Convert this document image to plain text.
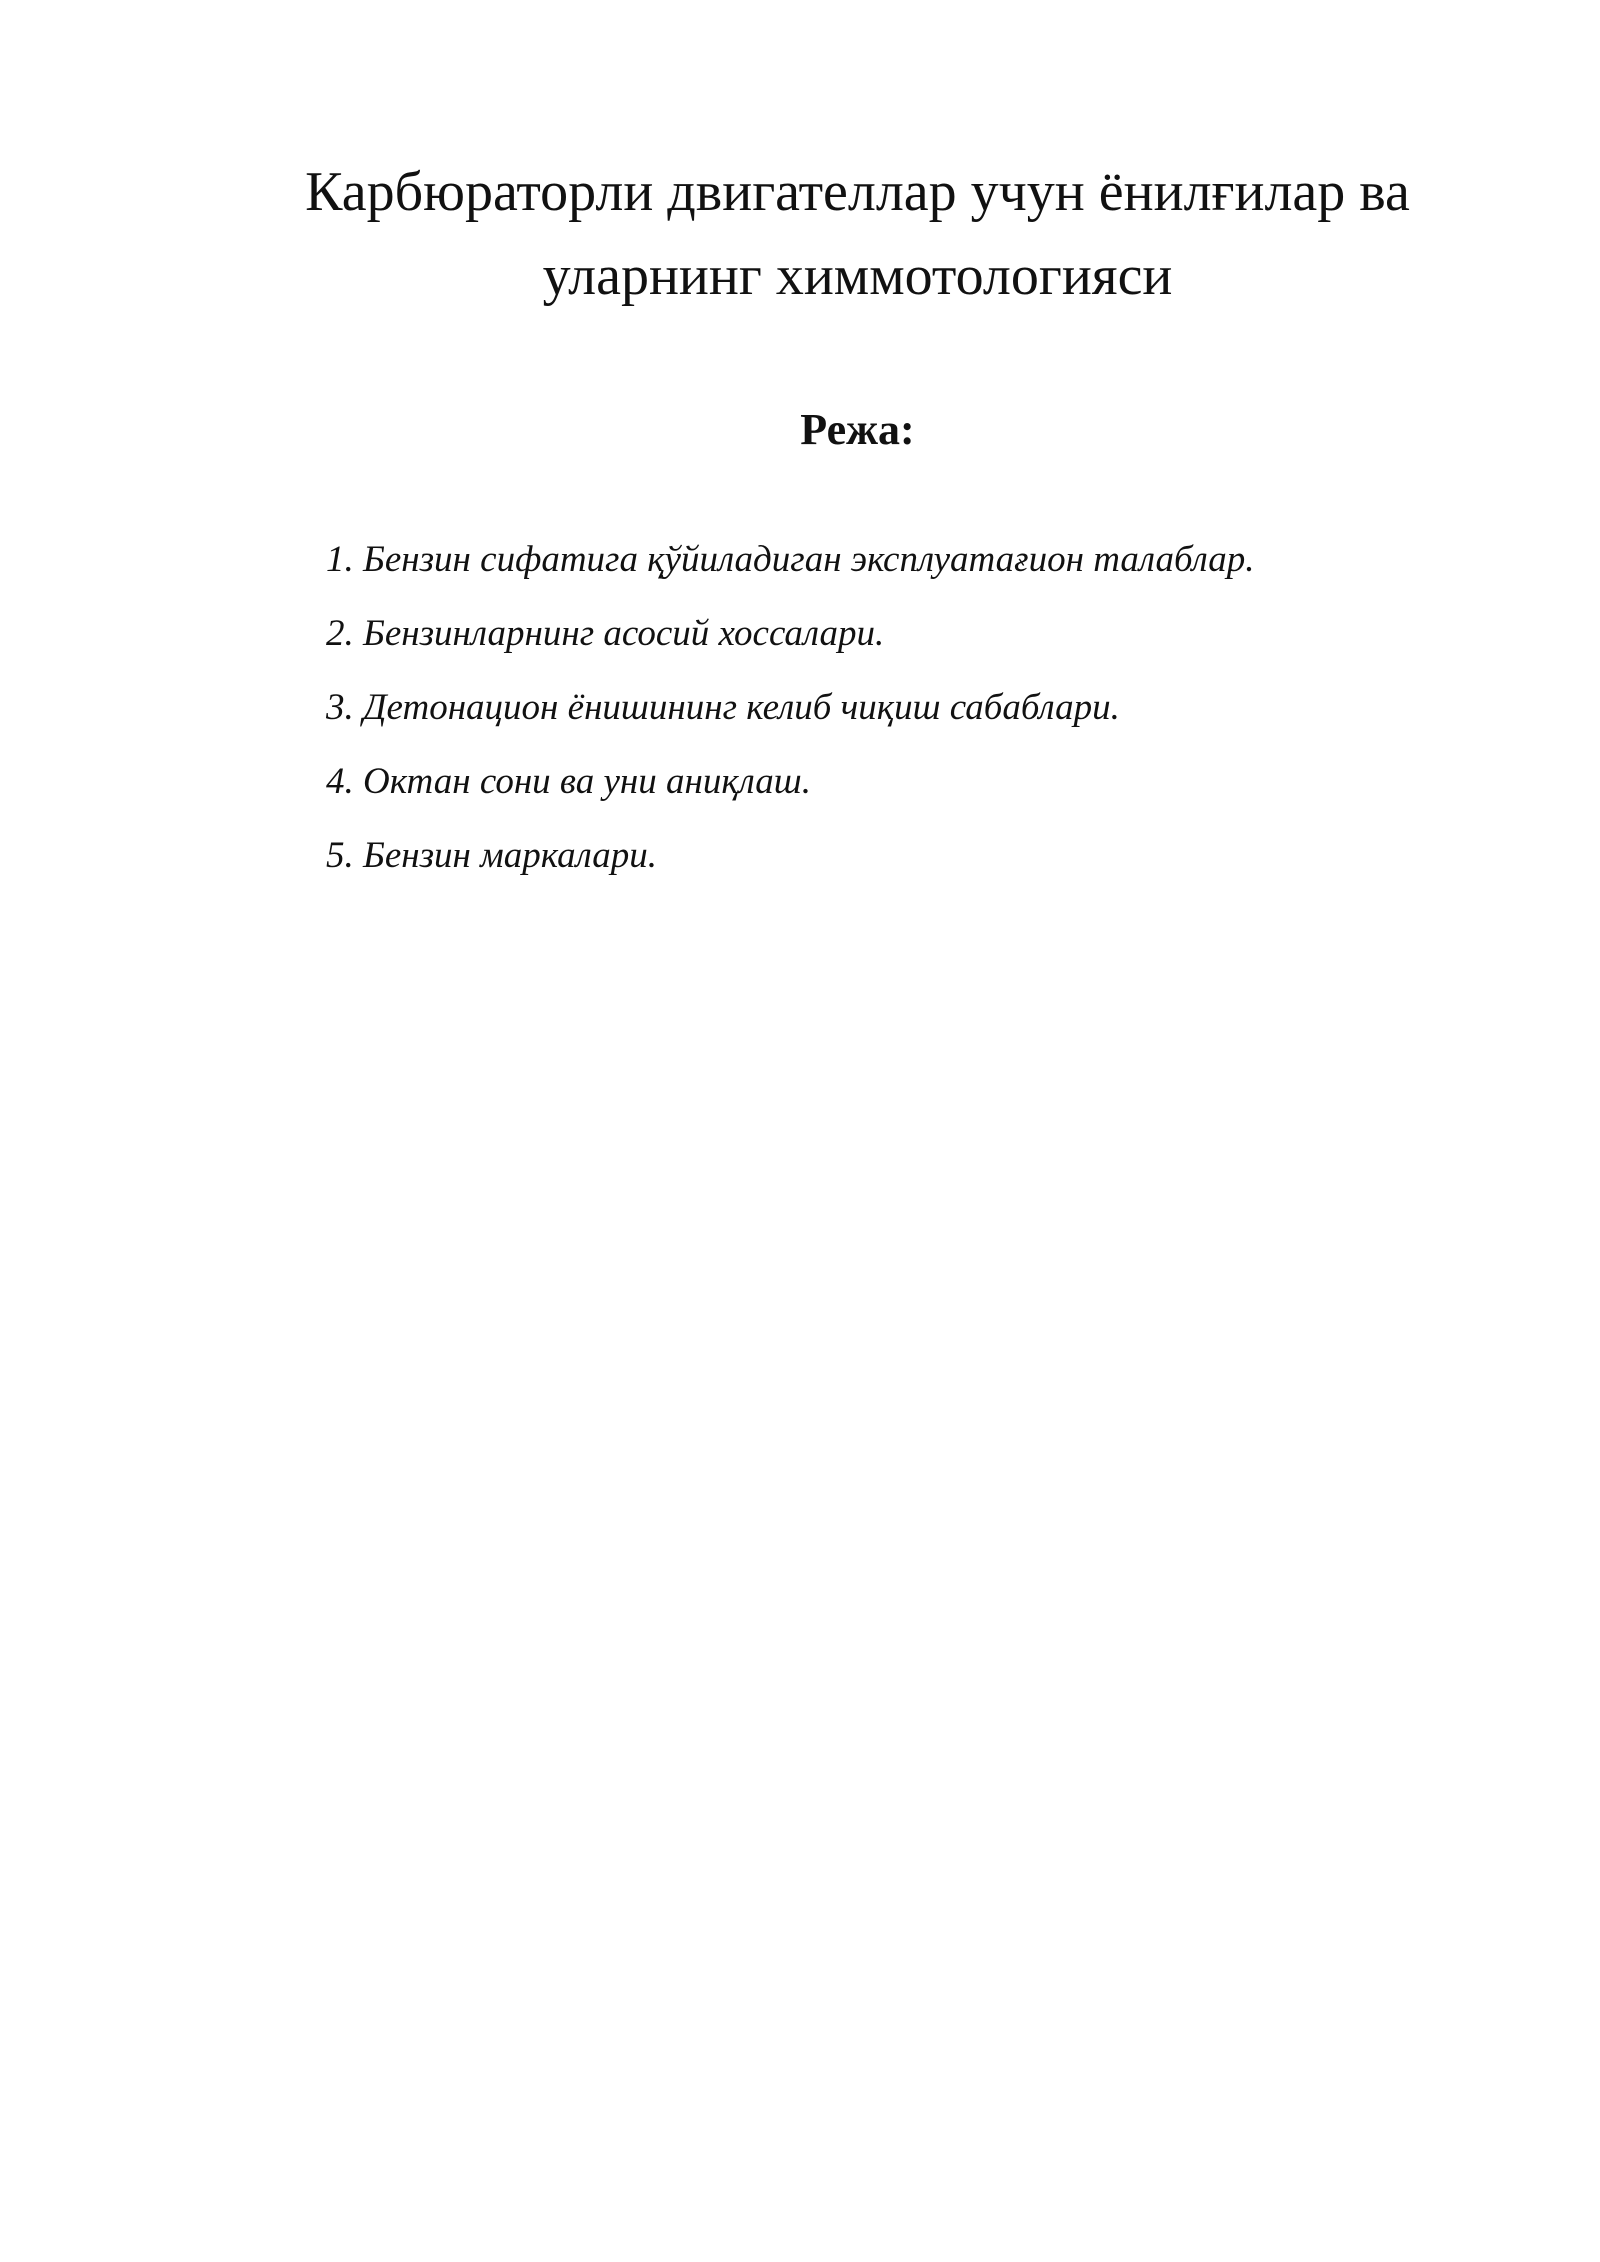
Карбюраторли двигателлар учун ёнилғилар ва
уларнинг химмотологияси
Режа:
1. Бензин сифатига қўйиладиган эксплуатағион талаблар.
2. Бензинларнинг асосий хоссалари.
3. Детонацион ёнишининг келиб чиқиш сабаблари.
4. Октан сони ва уни аниқлаш.
5. Бензин маркалари.
